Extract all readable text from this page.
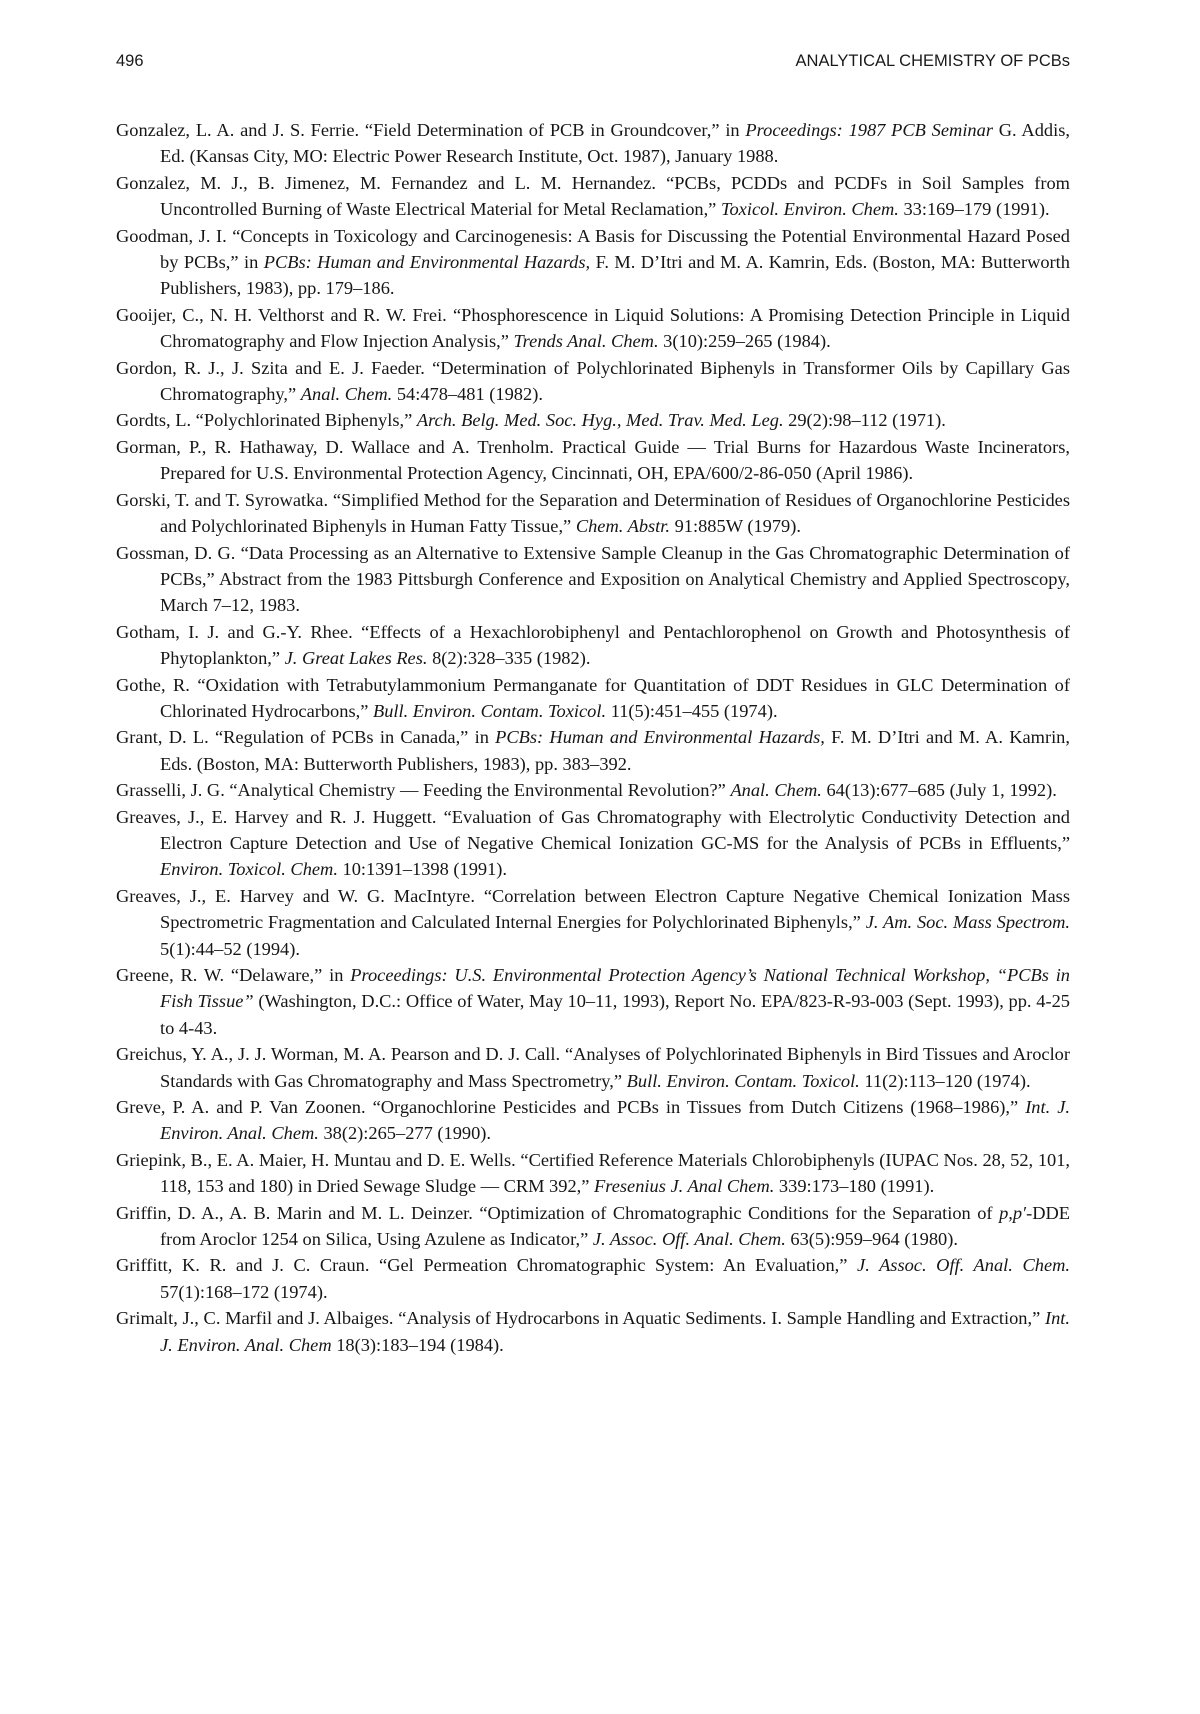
496	ANALYTICAL CHEMISTRY OF PCBs

Gonzalez, L. A. and J. S. Ferrie. “Field Determination of PCB in Groundcover,” in Proceedings: 1987 PCB Seminar G. Addis, Ed. (Kansas City, MO: Electric Power Research Institute, Oct. 1987), January 1988.

Gonzalez, M. J., B. Jimenez, M. Fernandez and L. M. Hernandez. “PCBs, PCDDs and PCDFs in Soil Samples from Uncontrolled Burning of Waste Electrical Material for Metal Reclamation,” Toxicol. Environ. Chem. 33:169–179 (1991).

Goodman, J. I. “Concepts in Toxicology and Carcinogenesis: A Basis for Discussing the Potential Environmental Hazard Posed by PCBs,” in PCBs: Human and Environmental Hazards, F. M. D’Itri and M. A. Kamrin, Eds. (Boston, MA: Butterworth Publishers, 1983), pp. 179–186.

Gooijer, C., N. H. Velthorst and R. W. Frei. “Phosphorescence in Liquid Solutions: A Promising Detection Principle in Liquid Chromatography and Flow Injection Analysis,” Trends Anal. Chem. 3(10):259–265 (1984).

Gordon, R. J., J. Szita and E. J. Faeder. “Determination of Polychlorinated Biphenyls in Transformer Oils by Capillary Gas Chromatography,” Anal. Chem. 54:478–481 (1982).

Gordts, L. “Polychlorinated Biphenyls,” Arch. Belg. Med. Soc. Hyg., Med. Trav. Med. Leg. 29(2):98–112 (1971).

Gorman, P., R. Hathaway, D. Wallace and A. Trenholm. Practical Guide — Trial Burns for Hazardous Waste Incinerators, Prepared for U.S. Environmental Protection Agency, Cincinnati, OH, EPA/600/2-86-050 (April 1986).

Gorski, T. and T. Syrowatka. “Simplified Method for the Separation and Determination of Residues of Organochlorine Pesticides and Polychlorinated Biphenyls in Human Fatty Tissue,” Chem. Abstr. 91:885W (1979).

Gossman, D. G. “Data Processing as an Alternative to Extensive Sample Cleanup in the Gas Chromatographic Determination of PCBs,” Abstract from the 1983 Pittsburgh Conference and Exposition on Analytical Chemistry and Applied Spectroscopy, March 7–12, 1983.

Gotham, I. J. and G.-Y. Rhee. “Effects of a Hexachlorobiphenyl and Pentachlorophenol on Growth and Photosynthesis of Phytoplankton,” J. Great Lakes Res. 8(2):328–335 (1982).

Gothe, R. “Oxidation with Tetrabutylammonium Permanganate for Quantitation of DDT Residues in GLC Determination of Chlorinated Hydrocarbons,” Bull. Environ. Contam. Toxicol. 11(5):451–455 (1974).

Grant, D. L. “Regulation of PCBs in Canada,” in PCBs: Human and Environmental Hazards, F. M. D’Itri and M. A. Kamrin, Eds. (Boston, MA: Butterworth Publishers, 1983), pp. 383–392.

Grasselli, J. G. “Analytical Chemistry — Feeding the Environmental Revolution?” Anal. Chem. 64(13):677–685 (July 1, 1992).

Greaves, J., E. Harvey and R. J. Huggett. “Evaluation of Gas Chromatography with Electrolytic Conductivity Detection and Electron Capture Detection and Use of Negative Chemical Ionization GC-MS for the Analysis of PCBs in Effluents,” Environ. Toxicol. Chem. 10:1391–1398 (1991).

Greaves, J., E. Harvey and W. G. MacIntyre. “Correlation between Electron Capture Negative Chemical Ionization Mass Spectrometric Fragmentation and Calculated Internal Energies for Polychlorinated Biphenyls,” J. Am. Soc. Mass Spectrom. 5(1):44–52 (1994).

Greene, R. W. “Delaware,” in Proceedings: U.S. Environmental Protection Agency’s National Technical Workshop, “PCBs in Fish Tissue” (Washington, D.C.: Office of Water, May 10–11, 1993), Report No. EPA/823-R-93-003 (Sept. 1993), pp. 4-25 to 4-43.

Greichus, Y. A., J. J. Worman, M. A. Pearson and D. J. Call. “Analyses of Polychlorinated Biphenyls in Bird Tissues and Aroclor Standards with Gas Chromatography and Mass Spectrometry,” Bull. Environ. Contam. Toxicol. 11(2):113–120 (1974).

Greve, P. A. and P. Van Zoonen. “Organochlorine Pesticides and PCBs in Tissues from Dutch Citizens (1968–1986),” Int. J. Environ. Anal. Chem. 38(2):265–277 (1990).

Griepink, B., E. A. Maier, H. Muntau and D. E. Wells. “Certified Reference Materials Chlorobiphenyls (IUPAC Nos. 28, 52, 101, 118, 153 and 180) in Dried Sewage Sludge — CRM 392,” Fresenius J. Anal Chem. 339:173–180 (1991).

Griffin, D. A., A. B. Marin and M. L. Deinzer. “Optimization of Chromatographic Conditions for the Separation of p,p′-DDE from Aroclor 1254 on Silica, Using Azulene as Indicator,” J. Assoc. Off. Anal. Chem. 63(5):959–964 (1980).

Griffitt, K. R. and J. C. Craun. “Gel Permeation Chromatographic System: An Evaluation,” J. Assoc. Off. Anal. Chem. 57(1):168–172 (1974).

Grimalt, J., C. Marfil and J. Albaiges. “Analysis of Hydrocarbons in Aquatic Sediments. I. Sample Handling and Extraction,” Int. J. Environ. Anal. Chem 18(3):183–194 (1984).
